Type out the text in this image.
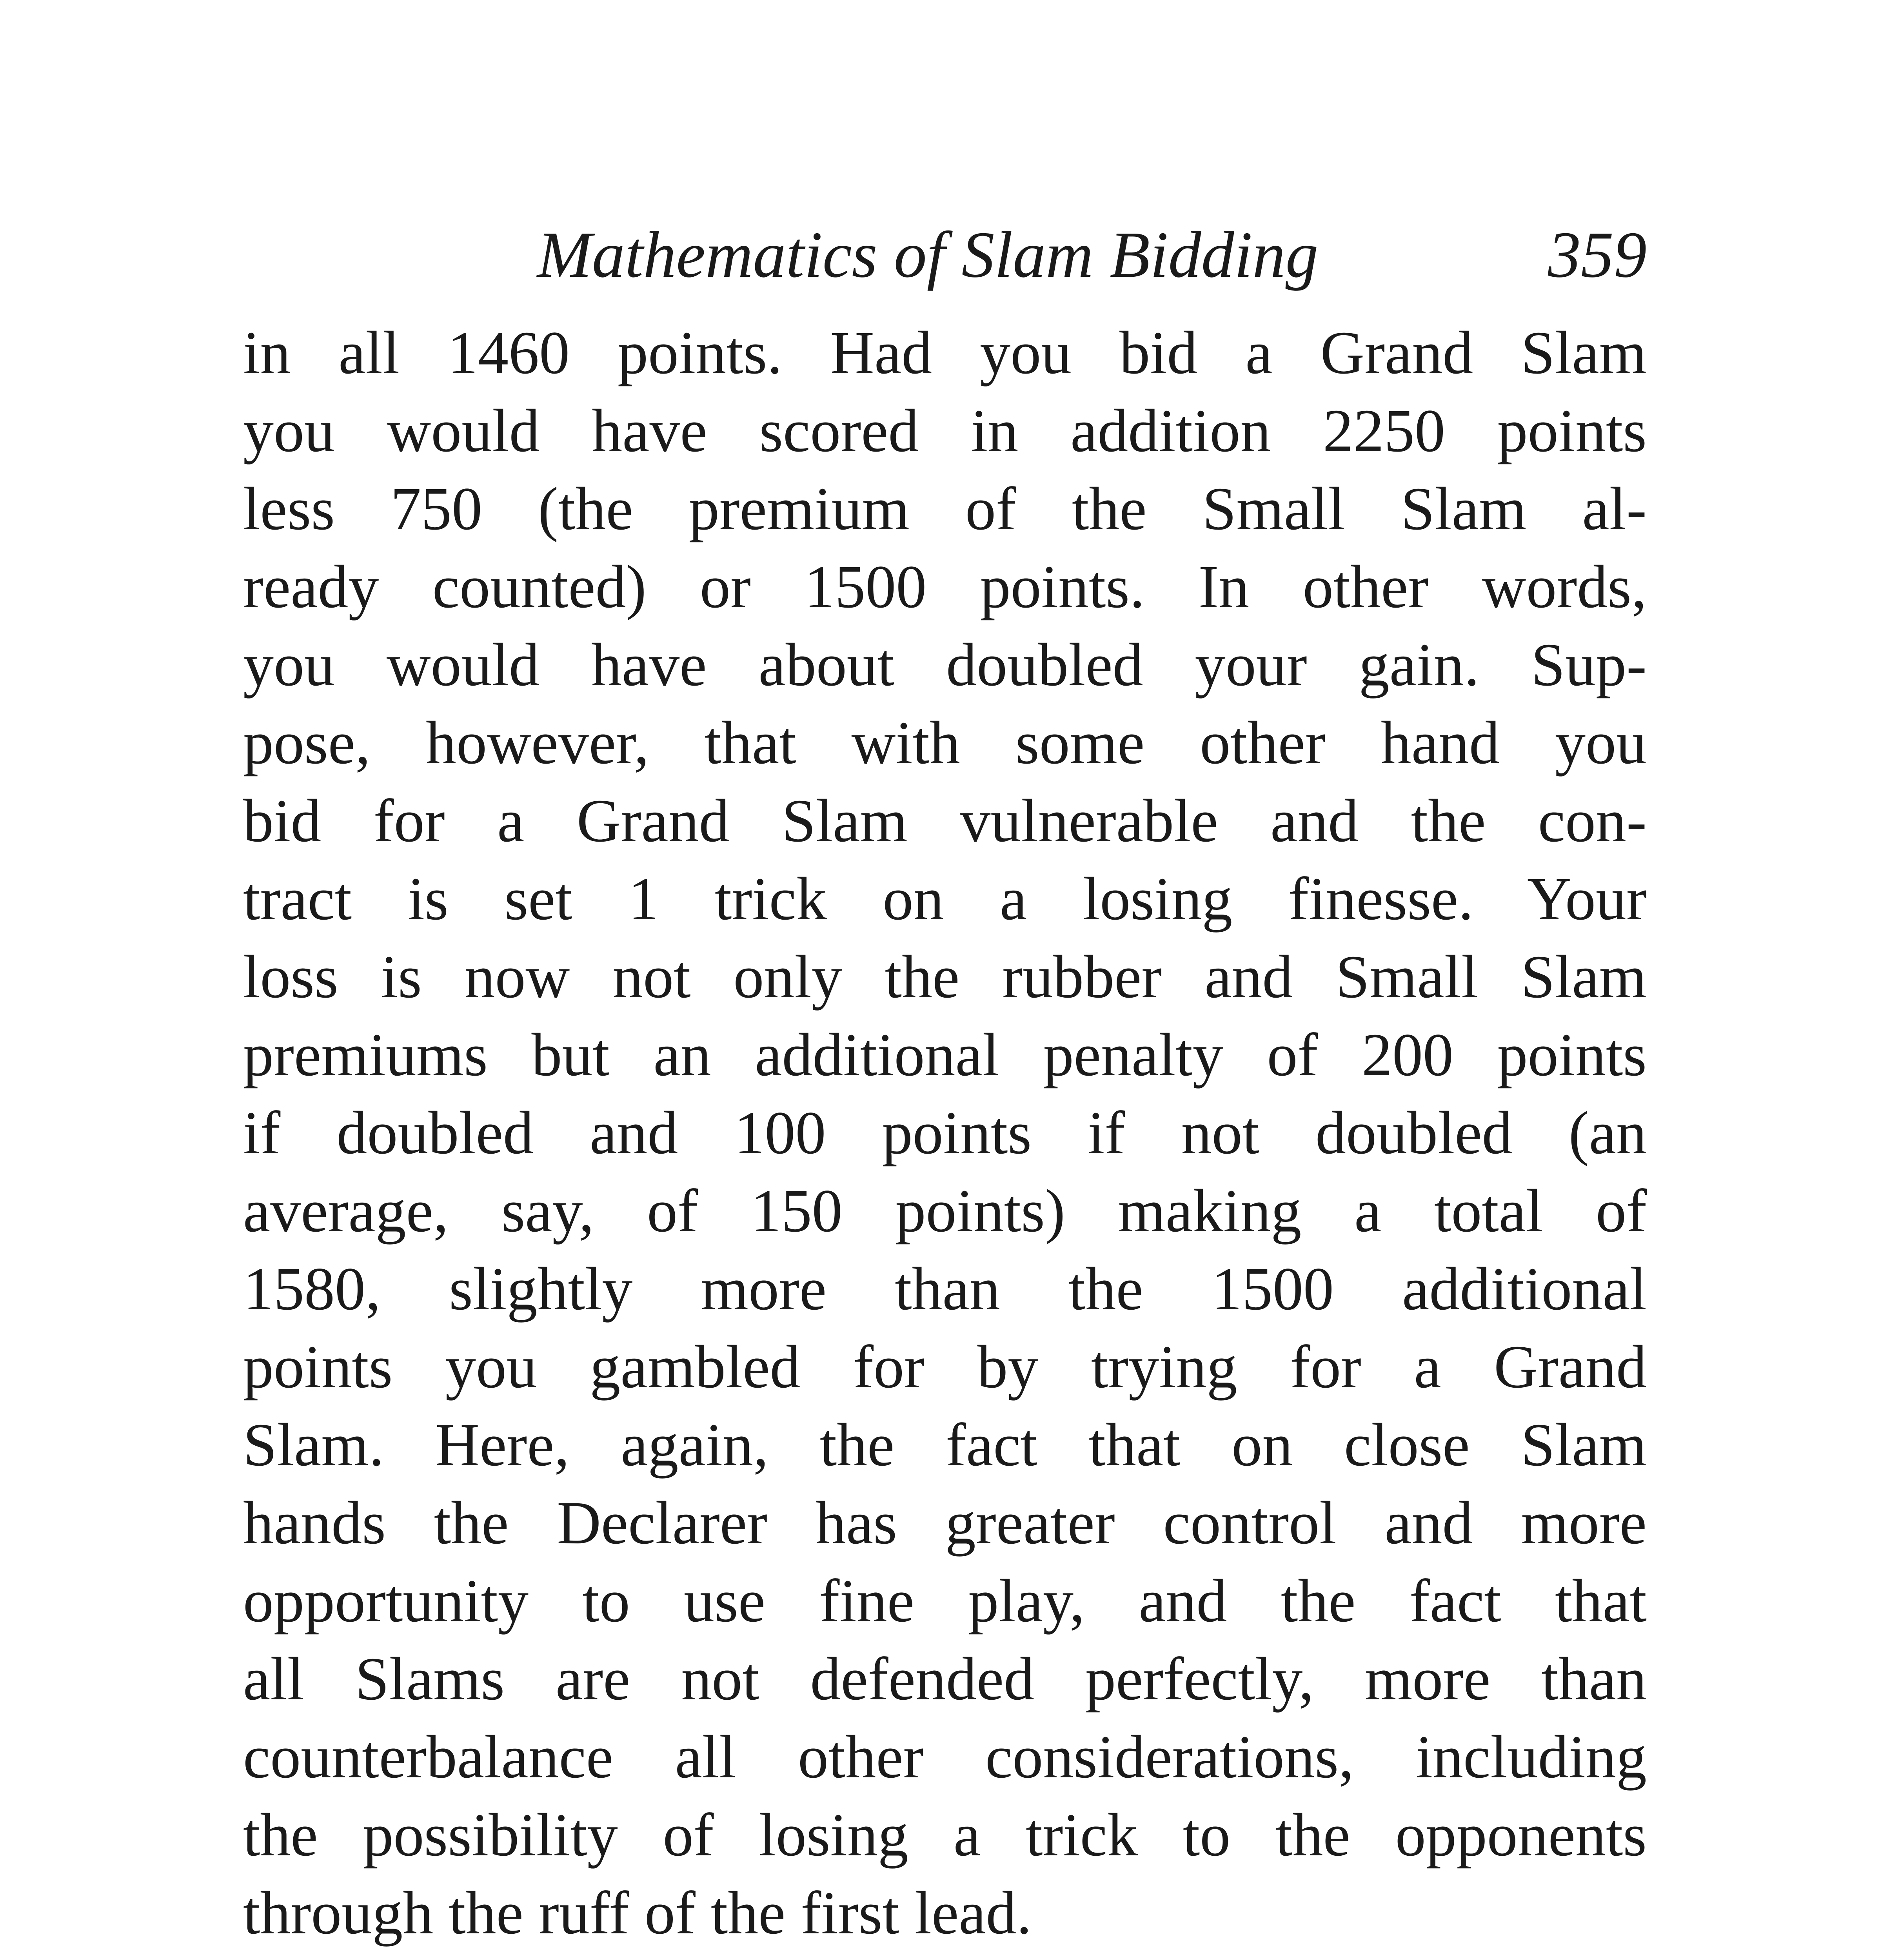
Mathematics of Slam Bidding	359
in all 1460 points. Had you bid a Grand Slam
you would have scored in addition 2250 points
less 750 (the premium of the Small Slam al-
ready counted) or 1500 points. In other words,
you would have about doubled your gain. Sup-
pose, however, that with some other hand you
bid for a Grand Slam vulnerable and the con-
tract is set 1 trick on a losing finesse. Your
loss is now not only the rubber and Small Slam
premiums but an additional penalty of 200 points
if doubled and 100 points if not doubled (an
average, say, of 150 points) making a total of
1580, slightly more than the 1500 additional
points you gambled for by trying for a Grand
Slam. Here, again, the fact that on close Slam
hands the Declarer has greater control and more
opportunity to use fine play, and the fact that
all Slams are not defended perfectly, more than
counterbalance all other considerations, including
the possibility of losing a trick to the opponents
through the ruff of the first lead.
